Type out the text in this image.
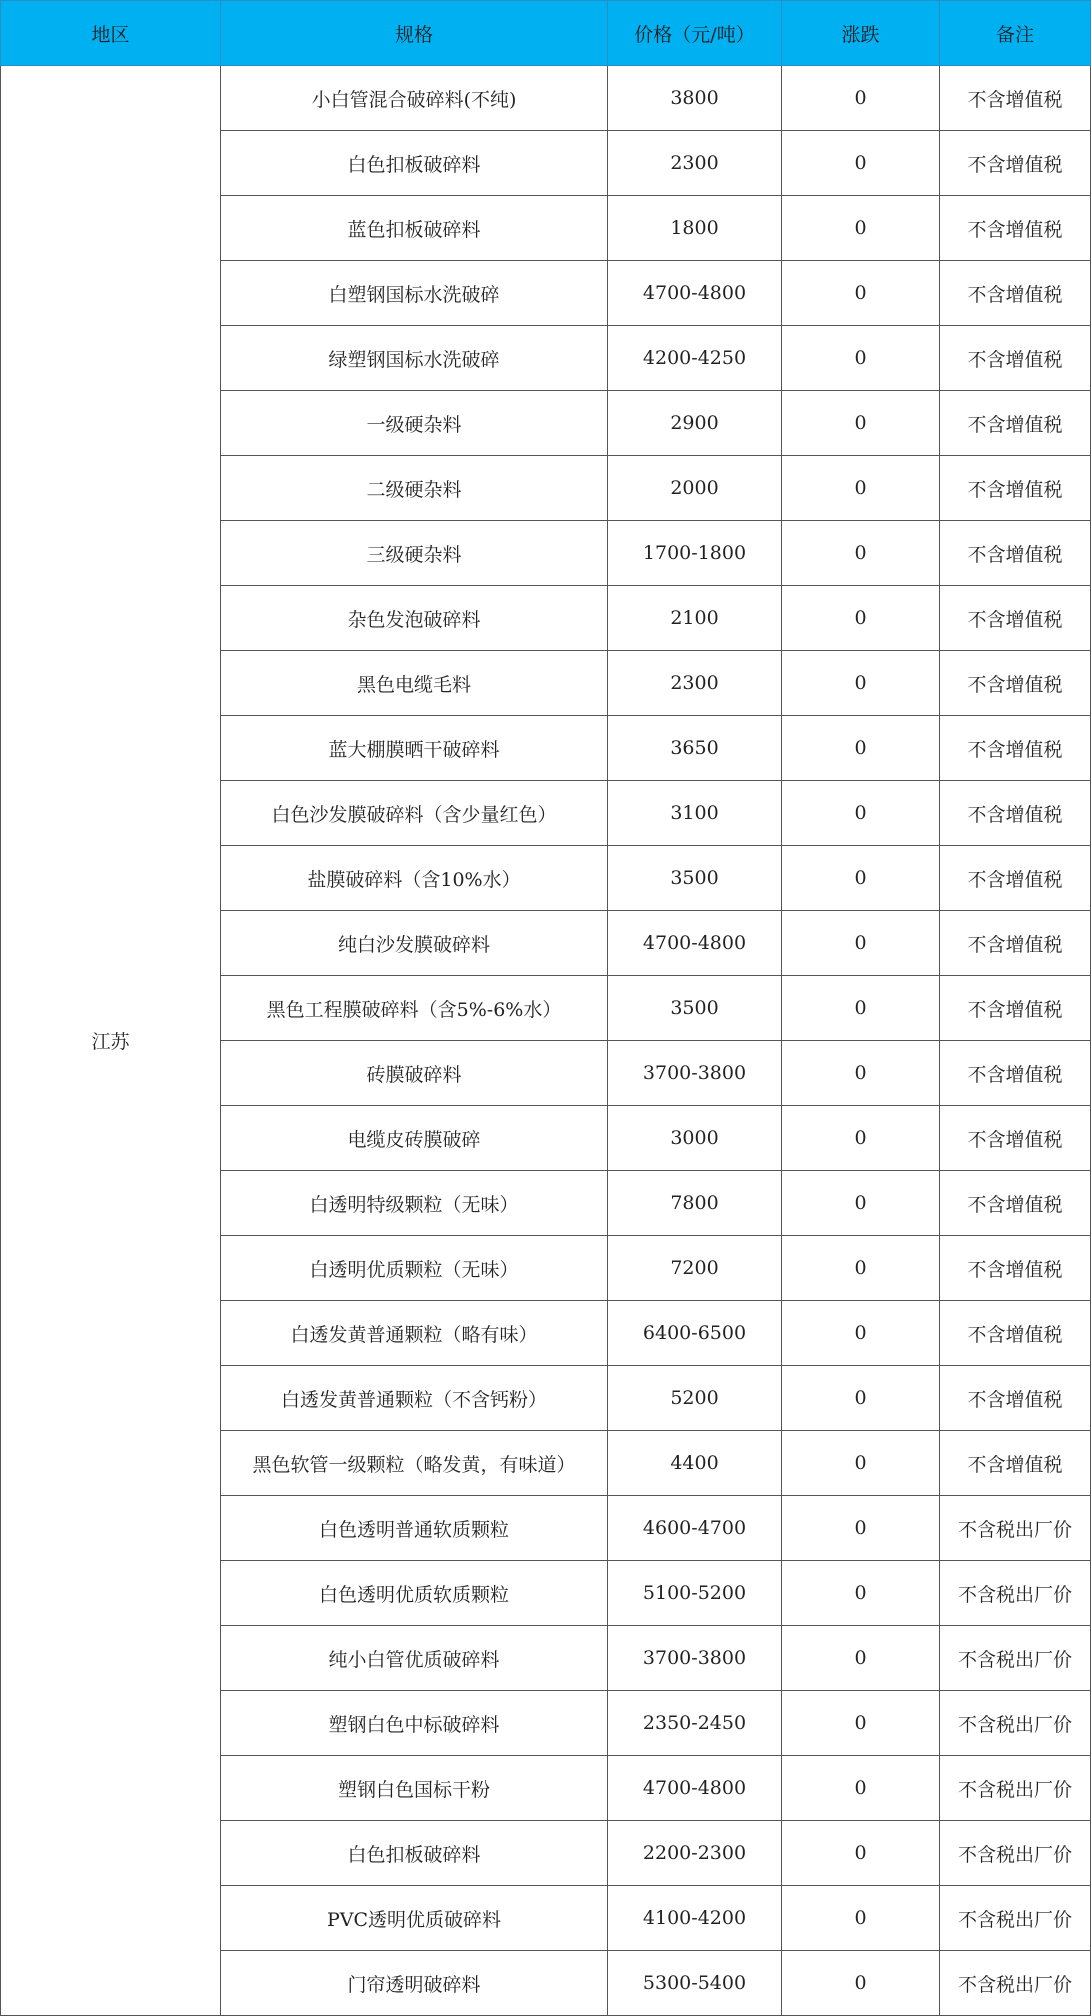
地区	规格	价格（元/吨）	涨跌	备注
江苏	小白管混合破碎料(不纯)	3800	0	不含增值税
	白色扣板破碎料	2300	0	不含增值税
	蓝色扣板破碎料	1800	0	不含增值税
	白塑钢国标水洗破碎	4700-4800	0	不含增值税
	绿塑钢国标水洗破碎	4200-4250	0	不含增值税
	一级硬杂料	2900	0	不含增值税
	二级硬杂料	2000	0	不含增值税
	三级硬杂料	1700-1800	0	不含增值税
	杂色发泡破碎料	2100	0	不含增值税
	黑色电缆毛料	2300	0	不含增值税
	蓝大棚膜晒干破碎料	3650	0	不含增值税
	白色沙发膜破碎料（含少量红色）	3100	0	不含增值税
	盐膜破碎料（含10%水）	3500	0	不含增值税
	纯白沙发膜破碎料	4700-4800	0	不含增值税
	黑色工程膜破碎料（含5%-6%水）	3500	0	不含增值税
	砖膜破碎料	3700-3800	0	不含增值税
	电缆皮砖膜破碎	3000	0	不含增值税
	白透明特级颗粒（无味）	7800	0	不含增值税
	白透明优质颗粒（无味）	7200	0	不含增值税
	白透发黄普通颗粒（略有味）	6400-6500	0	不含增值税
	白透发黄普通颗粒（不含钙粉）	5200	0	不含增值税
	黑色软管一级颗粒（略发黄，有味道）	4400	0	不含增值税
	白色透明普通软质颗粒	4600-4700	0	不含税出厂价
	白色透明优质软质颗粒	5100-5200	0	不含税出厂价
	纯小白管优质破碎料	3700-3800	0	不含税出厂价
	塑钢白色中标破碎料	2350-2450	0	不含税出厂价
	塑钢白色国标干粉	4700-4800	0	不含税出厂价
	白色扣板破碎料	2200-2300	0	不含税出厂价
	PVC透明优质破碎料	4100-4200	0	不含税出厂价
	门帘透明破碎料	5300-5400	0	不含税出厂价
